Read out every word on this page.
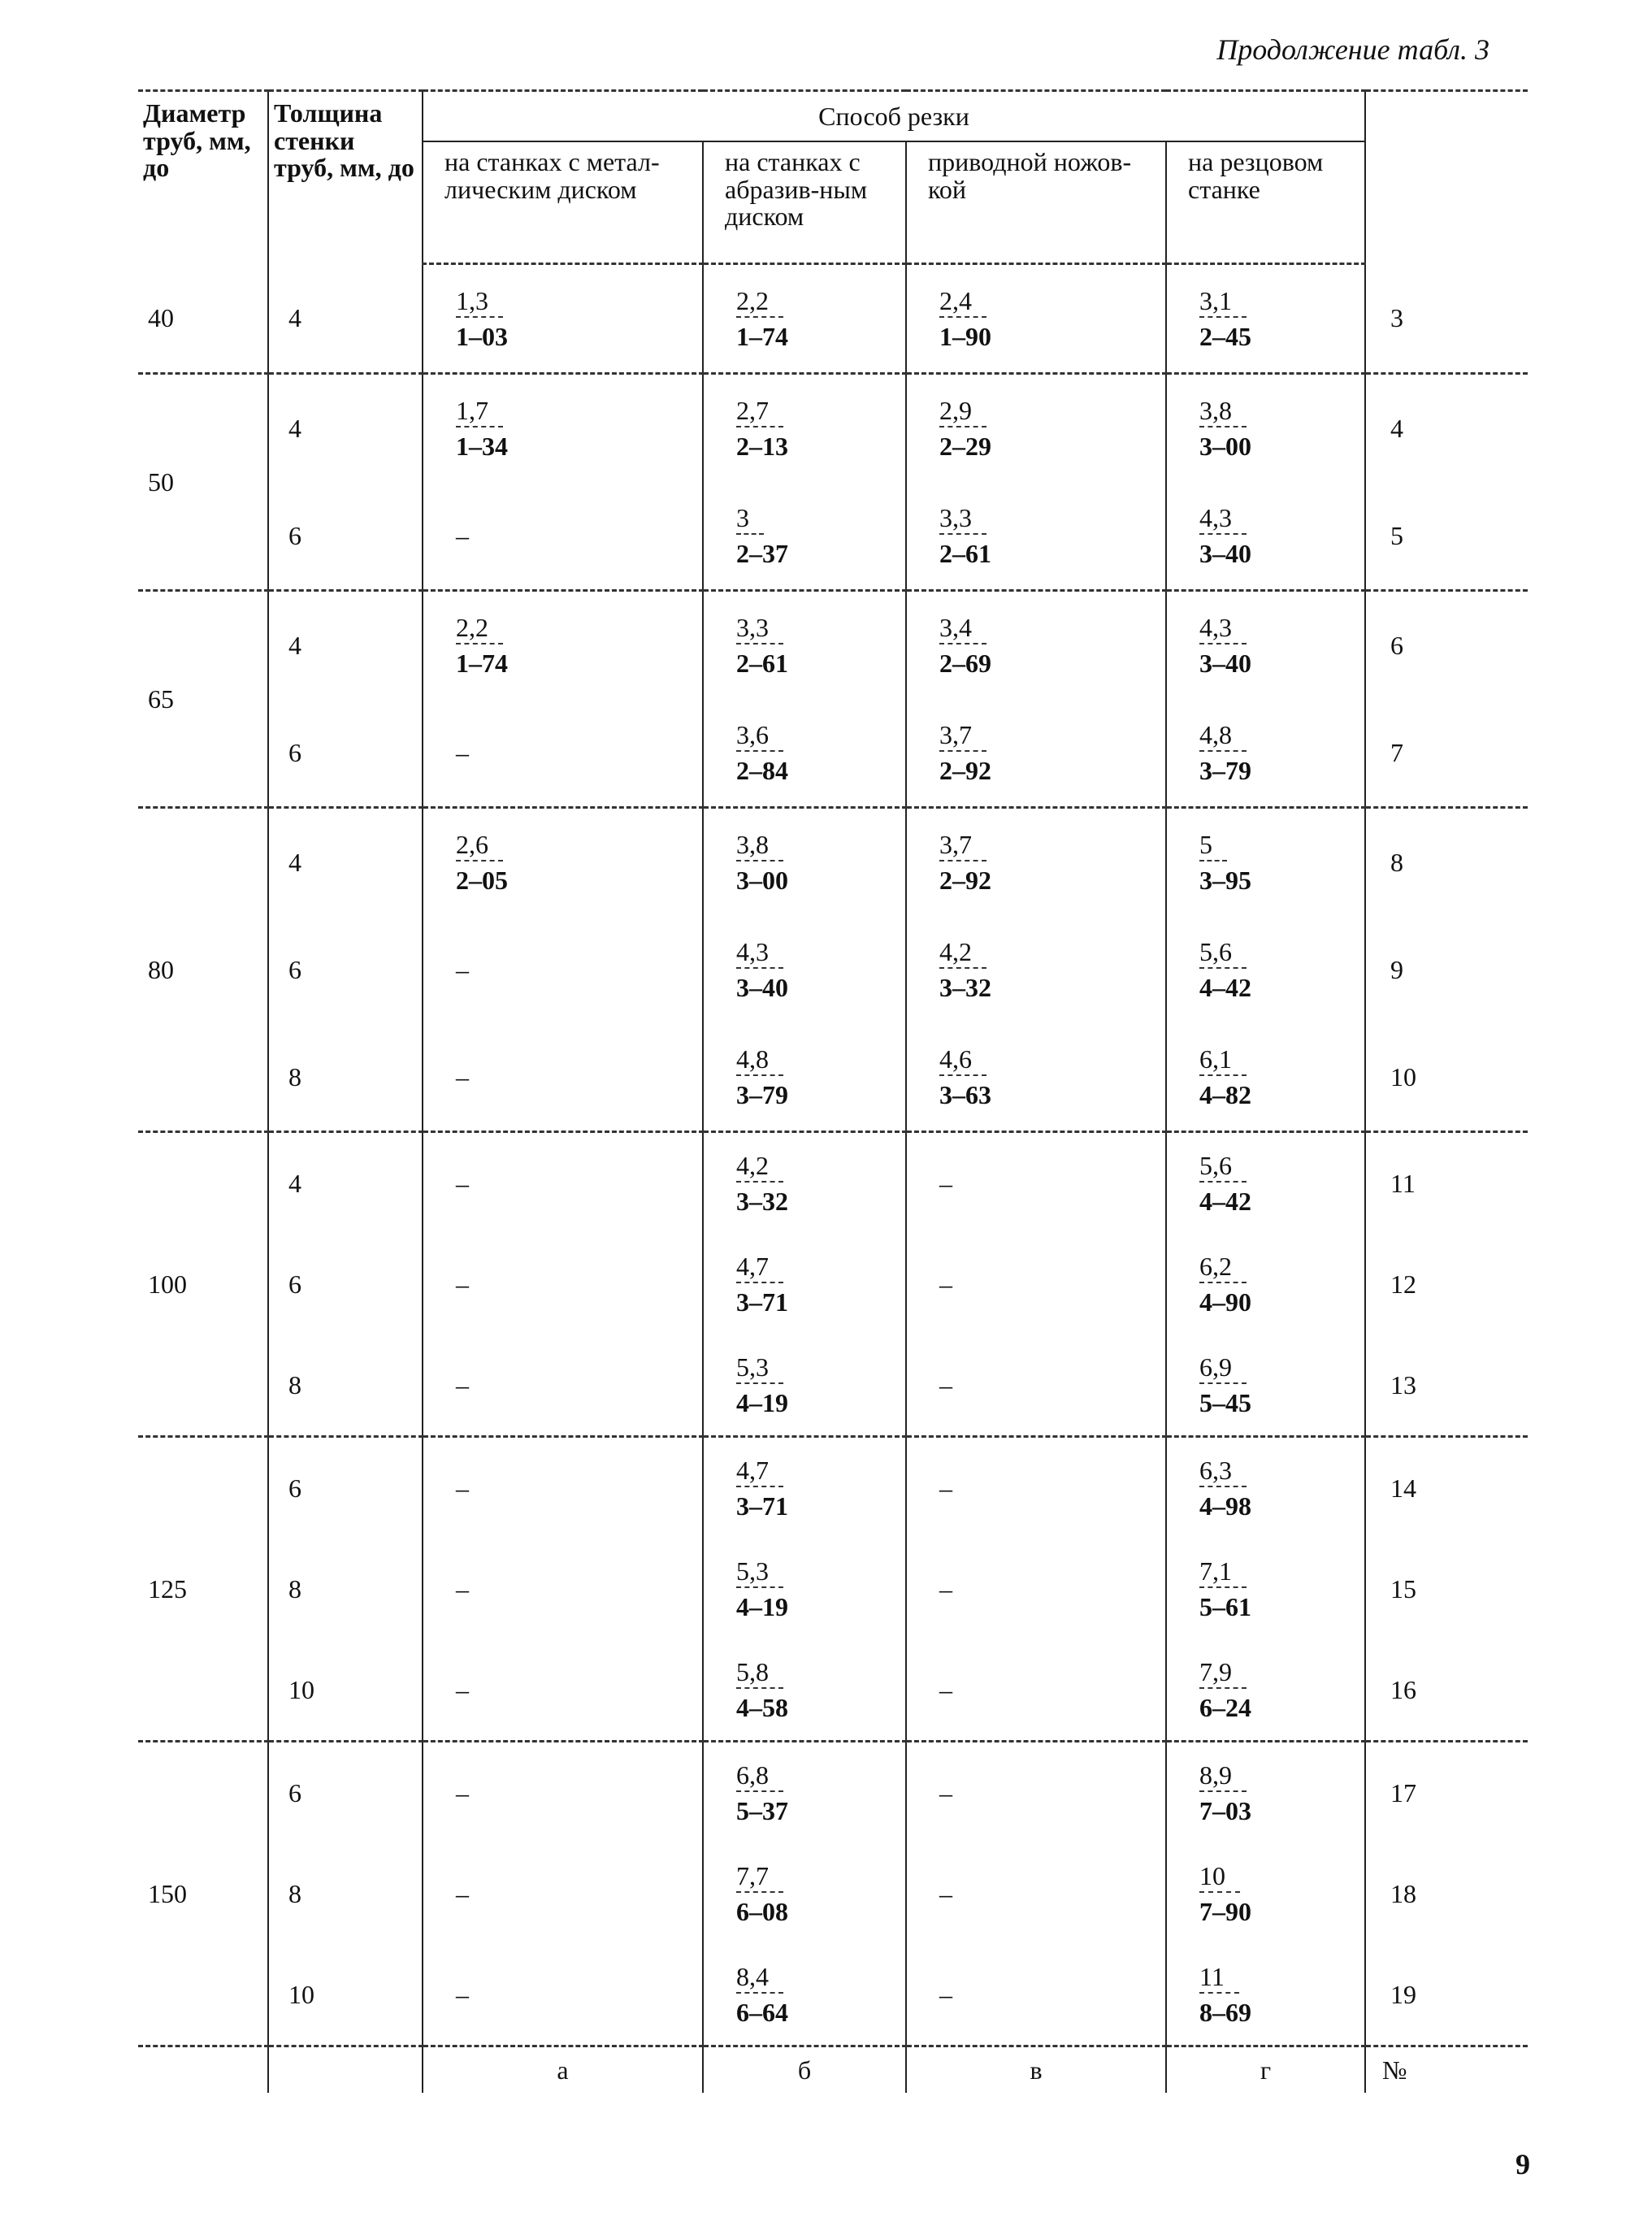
Продолжение табл. 3
Диаметр труб, мм, до	Толщина стенки труб, мм, до	Способ резки				
		на станках с метал-лическим диском	на станках с абразив-ным диском	приводной ножов-кой	на резцовом станке	
40	4	$\frac{1,3}{1-03}$	$\frac{2,2}{1-74}$	$\frac{2,4}{1-90}$	$\frac{3,1}{2-45}$	3
50	4	$\frac{1,7}{1-34}$	$\frac{2,7}{2-13}$	$\frac{2,9}{2-29}$	$\frac{3,8}{3-00}$	4
	6	–	$\frac{3}{2-37}$	$\frac{3,3}{2-61}$	$\frac{4,3}{3-40}$	5
65	4	$\frac{2,2}{1-74}$	$\frac{3,3}{2-61}$	$\frac{3,4}{2-69}$	$\frac{4,3}{3-40}$	6
	6	–	$\frac{3,6}{2-84}$	$\frac{3,7}{2-92}$	$\frac{4,8}{3-79}$	7
80	4	$\frac{2,6}{2-05}$	$\frac{3,8}{3-00}$	$\frac{3,7}{2-92}$	$\frac{5}{3-95}$	8
	6	–	$\frac{4,3}{3-40}$	$\frac{4,2}{3-32}$	$\frac{5,6}{4-42}$	9
	8	–	$\frac{4,8}{3-79}$	$\frac{4,6}{3-63}$	$\frac{6,1}{4-82}$	10
100	4	–	$\frac{4,2}{3-32}$	–	$\frac{5,6}{4-42}$	11
	6	–	$\frac{4,7}{3-71}$	–	$\frac{6,2}{4-90}$	12
	8	–	$\frac{5,3}{4-19}$	–	$\frac{6,9}{5-45}$	13
125	6	–	$\frac{4,7}{3-71}$	–	$\frac{6,3}{4-98}$	14
	8	–	$\frac{5,3}{4-19}$	–	$\frac{7,1}{5-61}$	15
	10	–	$\frac{5,8}{4-58}$	–	$\frac{7,9}{6-24}$	16
150	6	–	$\frac{6,8}{5-37}$	–	$\frac{8,9}{7-03}$	17
	8	–	$\frac{7,7}{6-08}$	–	$\frac{10}{7-90}$	18
	10	–	$\frac{8,4}{6-64}$	–	$\frac{11}{8-69}$	19
		а	б	в	г	№
9
